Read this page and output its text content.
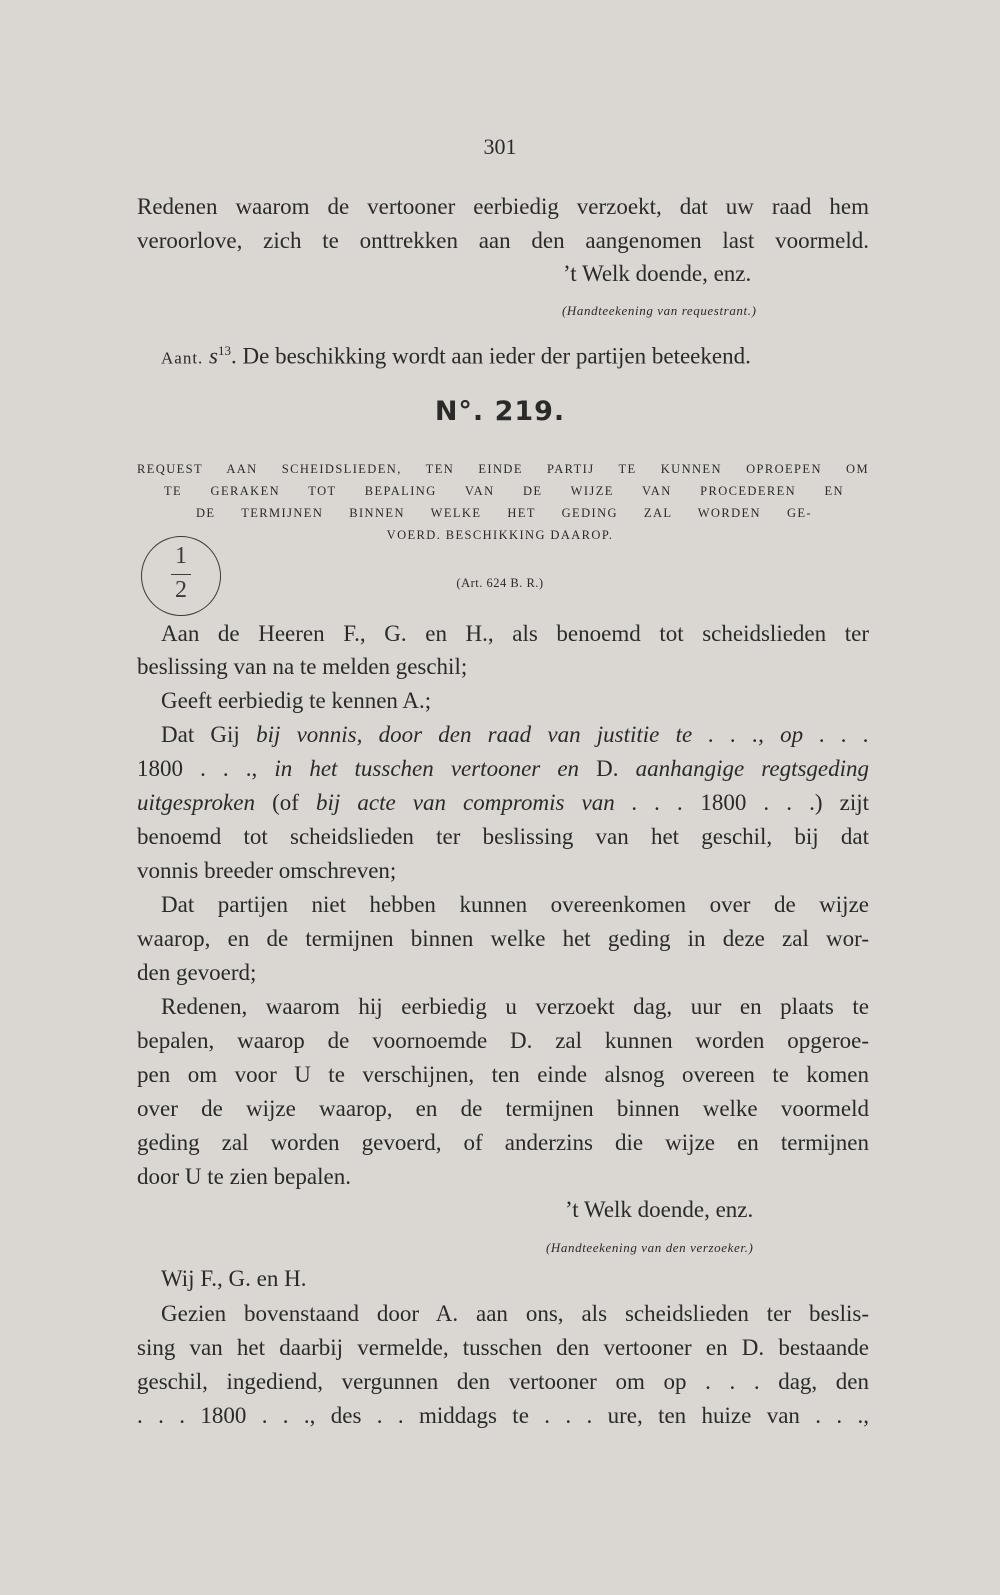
301
Redenen waarom de vertooner eerbiedig verzoekt, dat uw raad hem
veroorlove, zich te onttrekken aan den aangenomen last voormeld.
’t Welk doende, enz.
(Handteekening van requestrant.)
Aant. $s^{13}$. De beschikking wordt aan ieder der partijen beteekend.
N°. 219.
REQUEST AAN SCHEIDSLIEDEN, TEN EINDE PARTIJ TE KUNNEN OPROEPEN OM
TE GERAKEN TOT BEPALING VAN DE WIJZE VAN PROCEDEREN EN
DE TERMIJNEN BINNEN WELKE HET GEDING ZAL WORDEN GE-
VOERD. BESCHIKKING DAAROP.
(Art. 624 B. R.)
1
2
Aan de Heeren F., G. en H., als benoemd tot scheidslieden ter
beslissing van na te melden geschil;
Geeft eerbiedig te kennen A.;
Dat Gij bij vonnis, door den raad van justitie te . . ., op . . .
1800 . . ., in het tusschen vertooner en D. aanhangige regtsgeding
uitgesproken (of bij acte van compromis van . . . 1800 . . .) zijt
benoemd tot scheidslieden ter beslissing van het geschil, bij dat
vonnis breeder omschreven;
Dat partijen niet hebben kunnen overeenkomen over de wijze
waarop, en de termijnen binnen welke het geding in deze zal wor-
den gevoerd;
Redenen, waarom hij eerbiedig u verzoekt dag, uur en plaats te
bepalen, waarop de voornoemde D. zal kunnen worden opgeroe-
pen om voor U te verschijnen, ten einde alsnog overeen te komen
over de wijze waarop, en de termijnen binnen welke voormeld
geding zal worden gevoerd, of anderzins die wijze en termijnen
door U te zien bepalen.
’t Welk doende, enz.
(Handteekening van den verzoeker.)
Wij F., G. en H.
Gezien bovenstaand door A. aan ons, als scheidslieden ter beslis-
sing van het daarbij vermelde, tusschen den vertooner en D. bestaande
geschil, ingediend, vergunnen den vertooner om op . . . dag, den
. . . 1800 . . ., des . . middags te . . . ure, ten huize van . . .,
